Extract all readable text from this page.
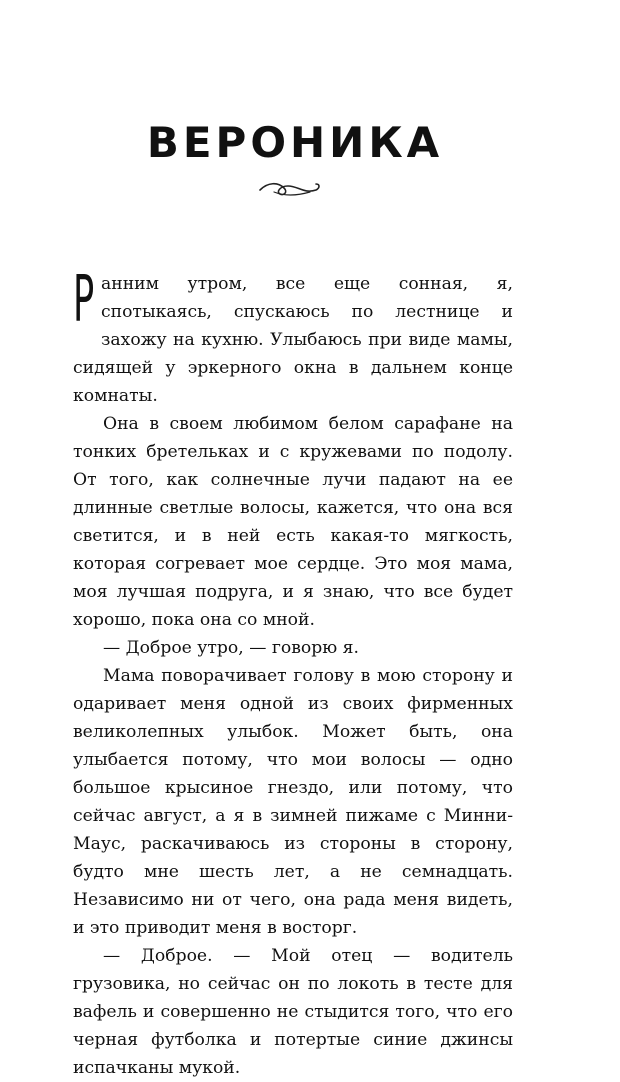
ВЕРОНИКА

Ранним утром, все еще сонная, я, спотыкаясь, спускаюсь по лестнице и захожу на кухню. Улыбаюсь при виде мамы, сидящей у эркерного окна в дальнем конце комнаты.

Она в своем любимом белом сарафане на тонких бретельках и с кружевами по подолу. От того, как солнечные лучи падают на ее длинные светлые волосы, кажется, что она вся светится, и в ней есть какая-то мягкость, которая согревает мое сердце. Это моя мама, моя лучшая подруга, и я знаю, что все будет хорошо, пока она со мной.

— Доброе утро, — говорю я.

Мама поворачивает голову в мою сторону и одаривает меня одной из своих фирменных великолепных улыбок. Может быть, она улыбается потому, что мои волосы — одно большое крысиное гнездо, или потому, что сейчас август, а я в зимней пижаме с Минни-Маус, раскачиваюсь из стороны в сторону, будто мне шесть лет, а не семнадцать. Независимо ни от чего, она рада меня видеть, и это приводит меня в восторг.

— Доброе. — Мой отец — водитель грузовика, но сейчас он по локоть в тесте для вафель и совершенно не стыдится того, что его черная футболка и потертые синие джинсы испачканы мукой.
